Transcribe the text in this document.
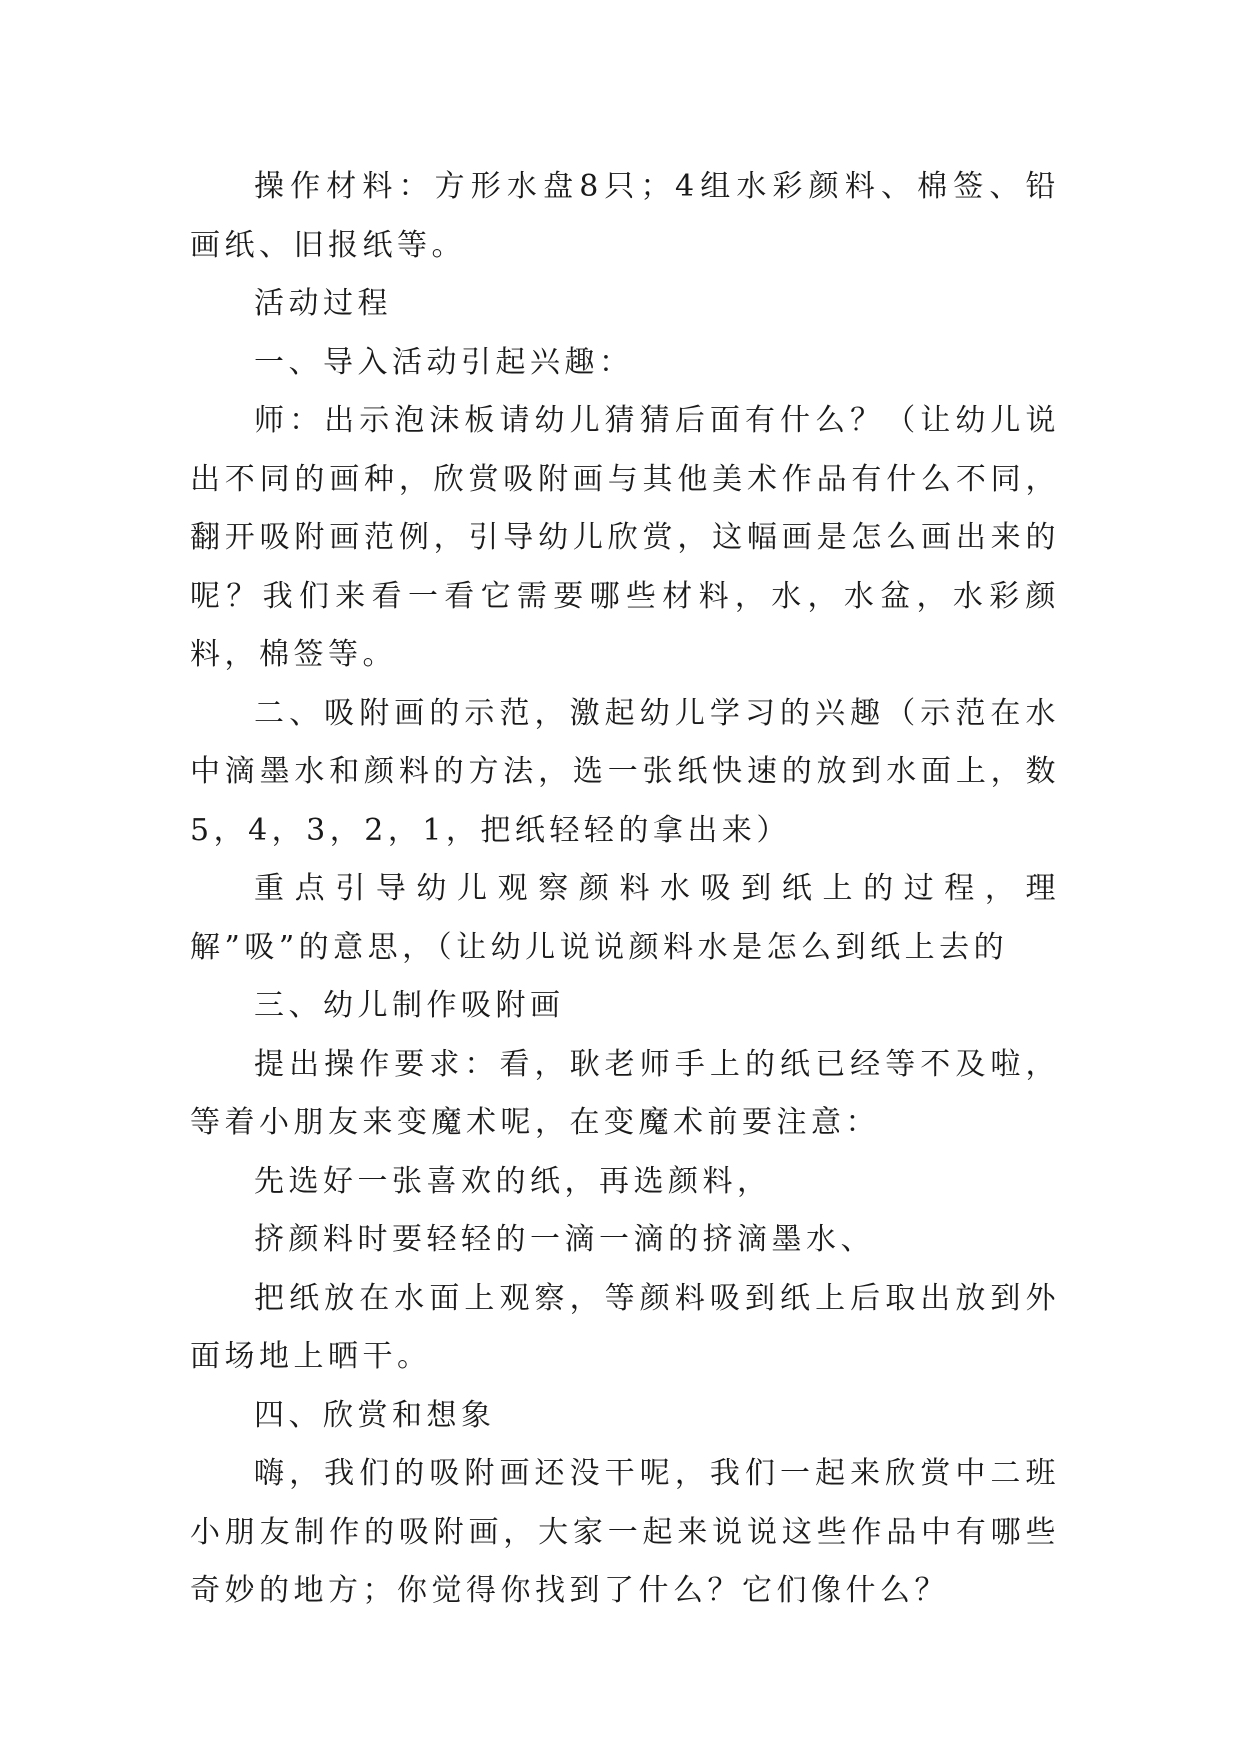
操作材料：方形水盘8只；4组水彩颜料、棉签、铅画纸、旧报纸等。

活动过程

一、导入活动引起兴趣：

师：出示泡沫板请幼儿猜猜后面有什么？（让幼儿说出不同的画种，欣赏吸附画与其他美术作品有什么不同，翻开吸附画范例，引导幼儿欣赏，这幅画是怎么画出来的呢？我们来看一看它需要哪些材料，水，水盆，水彩颜料，棉签等。

二、吸附画的示范，激起幼儿学习的兴趣（示范在水中滴墨水和颜料的方法，选一张纸快速的放到水面上，数5，4，3，2，1，把纸轻轻的拿出来）

重点引导幼儿观察颜料水吸到纸上的过程，理解”吸”的意思，（让幼儿说说颜料水是怎么到纸上去的

三、幼儿制作吸附画

提出操作要求：看，耿老师手上的纸已经等不及啦，等着小朋友来变魔术呢，在变魔术前要注意：

先选好一张喜欢的纸，再选颜料，

挤颜料时要轻轻的一滴一滴的挤滴墨水、

把纸放在水面上观察，等颜料吸到纸上后取出放到外面场地上晒干。

四、欣赏和想象

嗨，我们的吸附画还没干呢，我们一起来欣赏中二班小朋友制作的吸附画，大家一起来说说这些作品中有哪些奇妙的地方；你觉得你找到了什么？它们像什么？
